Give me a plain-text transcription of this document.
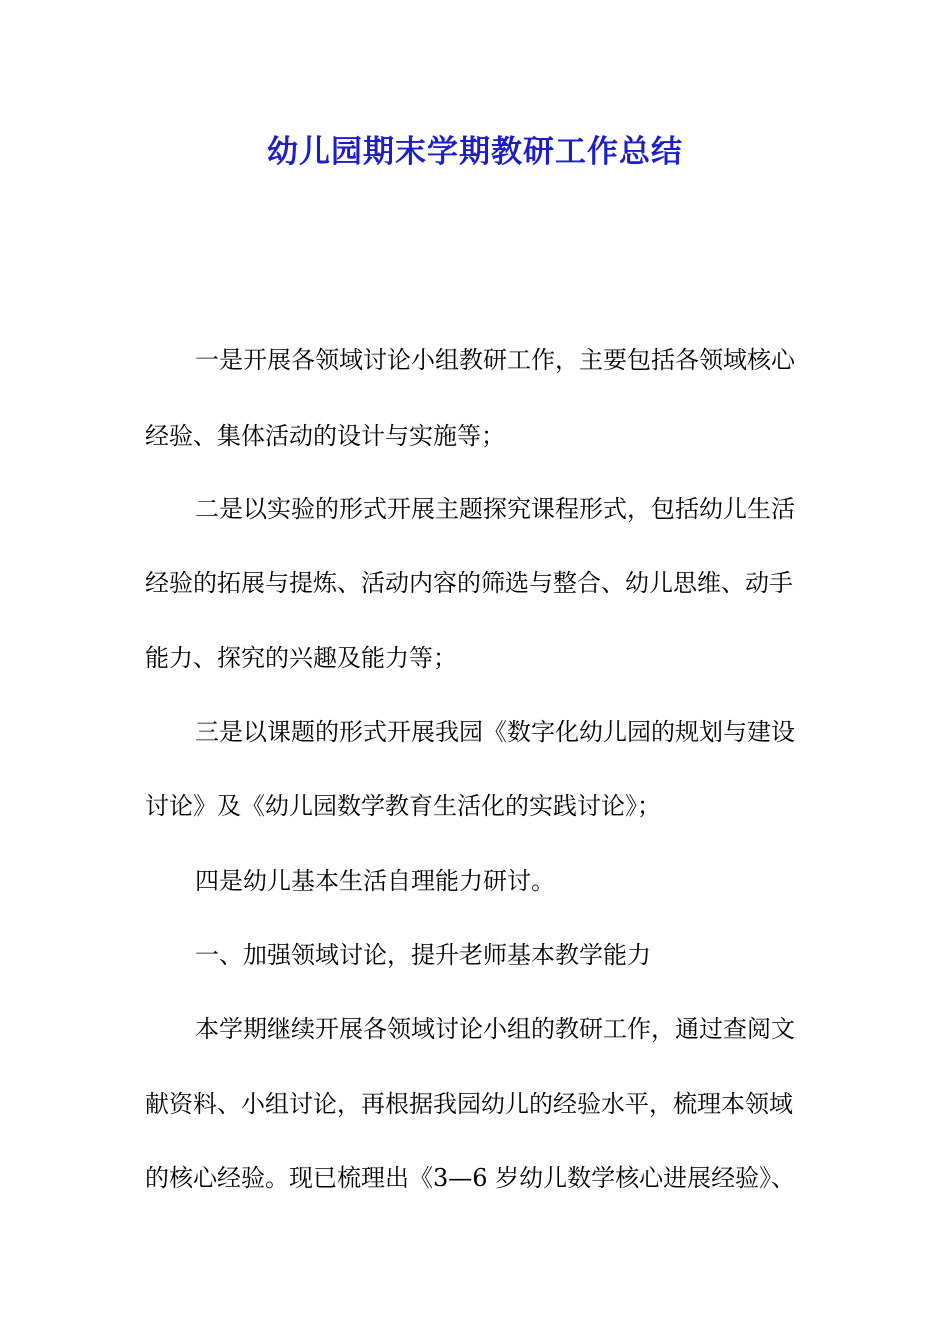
幼儿园期末学期教研工作总结
一是开展各领域讨论小组教研工作，主要包括各领域核心
经验、集体活动的设计与实施等；
二是以实验的形式开展主题探究课程形式，包括幼儿生活
经验的拓展与提炼、活动内容的筛选与整合、幼儿思维、动手
能力、探究的兴趣及能力等；
三是以课题的形式开展我园《数字化幼儿园的规划与建设
讨论》及《幼儿园数学教育生活化的实践讨论》；
四是幼儿基本生活自理能力研讨。
一、加强领域讨论，提升老师基本教学能力
本学期继续开展各领域讨论小组的教研工作，通过查阅文
献资料、小组讨论，再根据我园幼儿的经验水平，梳理本领域
的核心经验。现已梳理出《3—6 岁幼儿数学核心进展经验》、
